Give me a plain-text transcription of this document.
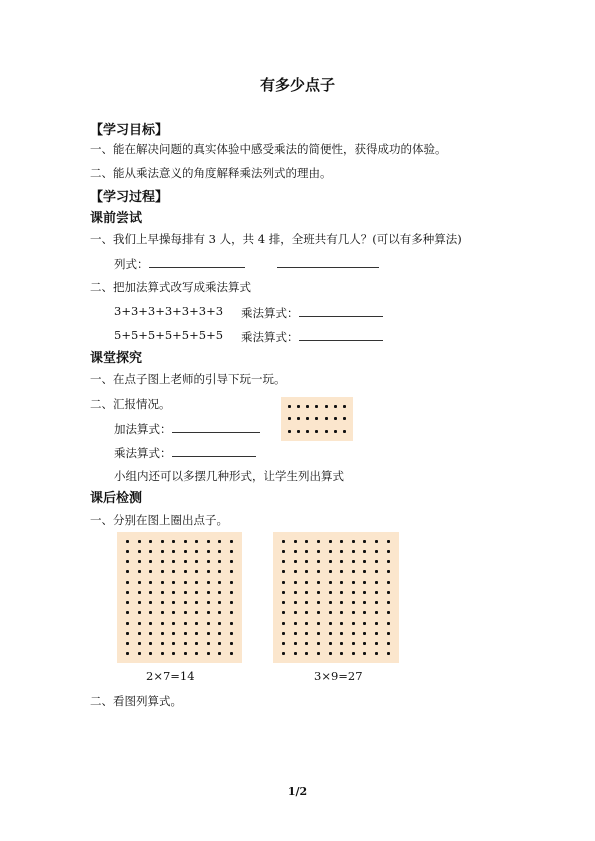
有多少点子
【学习目标】
一、能在解决问题的真实体验中感受乘法的简便性，获得成功的体验。
二、能从乘法意义的角度解释乘法列式的理由。
【学习过程】
课前尝试
一、我们上早操每排有 3 人，共 4 排，全班共有几人？(可以有多种算法)
列式：
二、把加法算式改写成乘法算式
3+3+3+3+3+3+3 乘法算式：
5+5+5+5+5+5+5 乘法算式：
课堂探究
一、在点子图上老师的引导下玩一玩。
二、汇报情况。
加法算式：
乘法算式：
小组内还可以多摆几种形式，让学生列出算式
课后检测
一、分别在图上圈出点子。
2×7=14	3×9=27
二、看图列算式。
1/2
